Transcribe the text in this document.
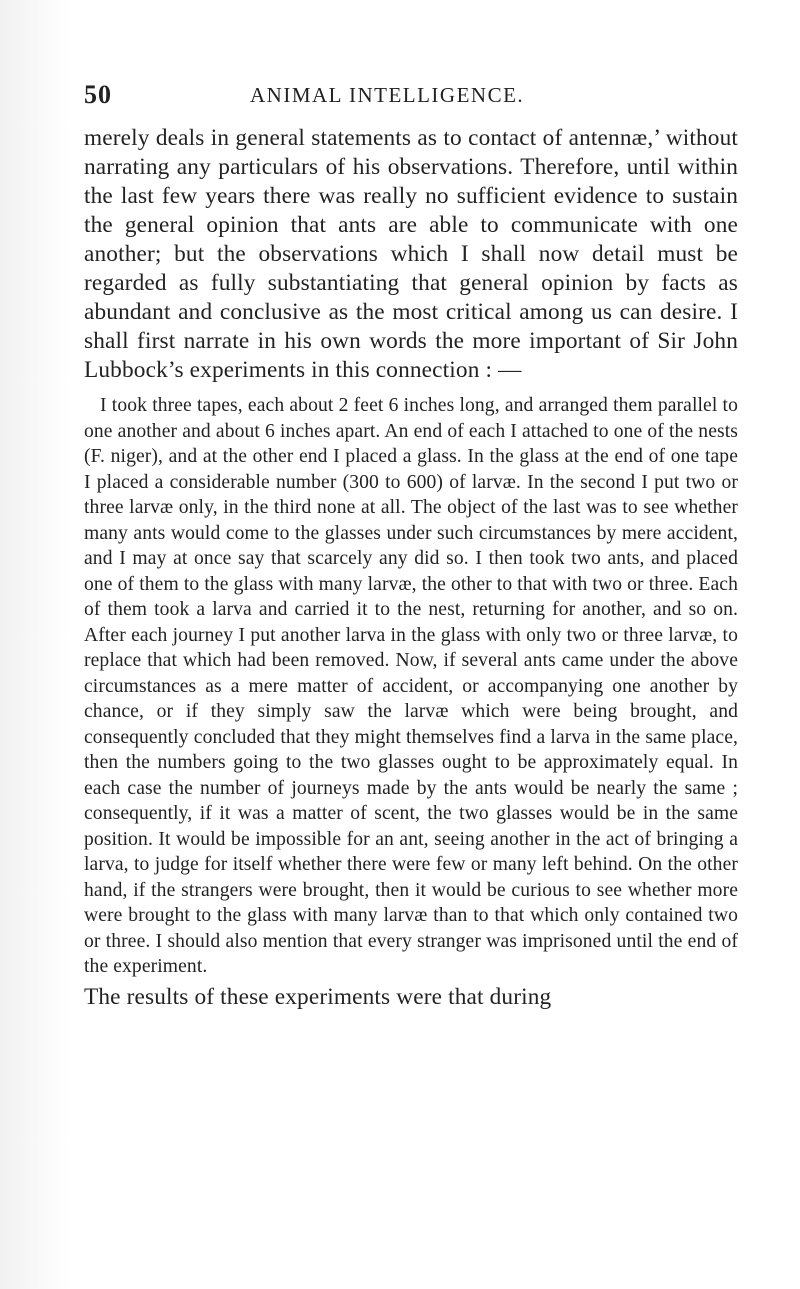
50	ANIMAL INTELLIGENCE.

merely deals in general statements as to contact of antennæ,’ without narrating any particulars of his observations. Therefore, until within the last few years there was really no sufficient evidence to sustain the general opinion that ants are able to communicate with one another; but the observations which I shall now detail must be regarded as fully substantiating that general opinion by facts as abundant and conclusive as the most critical among us can desire. I shall first narrate in his own words the more important of Sir John Lubbock’s experiments in this connection : —

I took three tapes, each about 2 feet 6 inches long, and arranged them parallel to one another and about 6 inches apart. An end of each I attached to one of the nests (F. niger), and at the other end I placed a glass. In the glass at the end of one tape I placed a considerable number (300 to 600) of larvæ. In the second I put two or three larvæ only, in the third none at all. The object of the last was to see whether many ants would come to the glasses under such circumstances by mere accident, and I may at once say that scarcely any did so. I then took two ants, and placed one of them to the glass with many larvæ, the other to that with two or three. Each of them took a larva and carried it to the nest, returning for another, and so on. After each journey I put another larva in the glass with only two or three larvæ, to replace that which had been removed. Now, if several ants came under the above circumstances as a mere matter of accident, or accompanying one another by chance, or if they simply saw the larvæ which were being brought, and consequently concluded that they might themselves find a larva in the same place, then the numbers going to the two glasses ought to be approximately equal. In each case the number of journeys made by the ants would be nearly the same ; consequently, if it was a matter of scent, the two glasses would be in the same position. It would be impossible for an ant, seeing another in the act of bringing a larva, to judge for itself whether there were few or many left behind. On the other hand, if the strangers were brought, then it would be curious to see whether more were brought to the glass with many larvæ than to that which only contained two or three. I should also mention that every stranger was imprisoned until the end of the experiment.

The results of these experiments were that during
